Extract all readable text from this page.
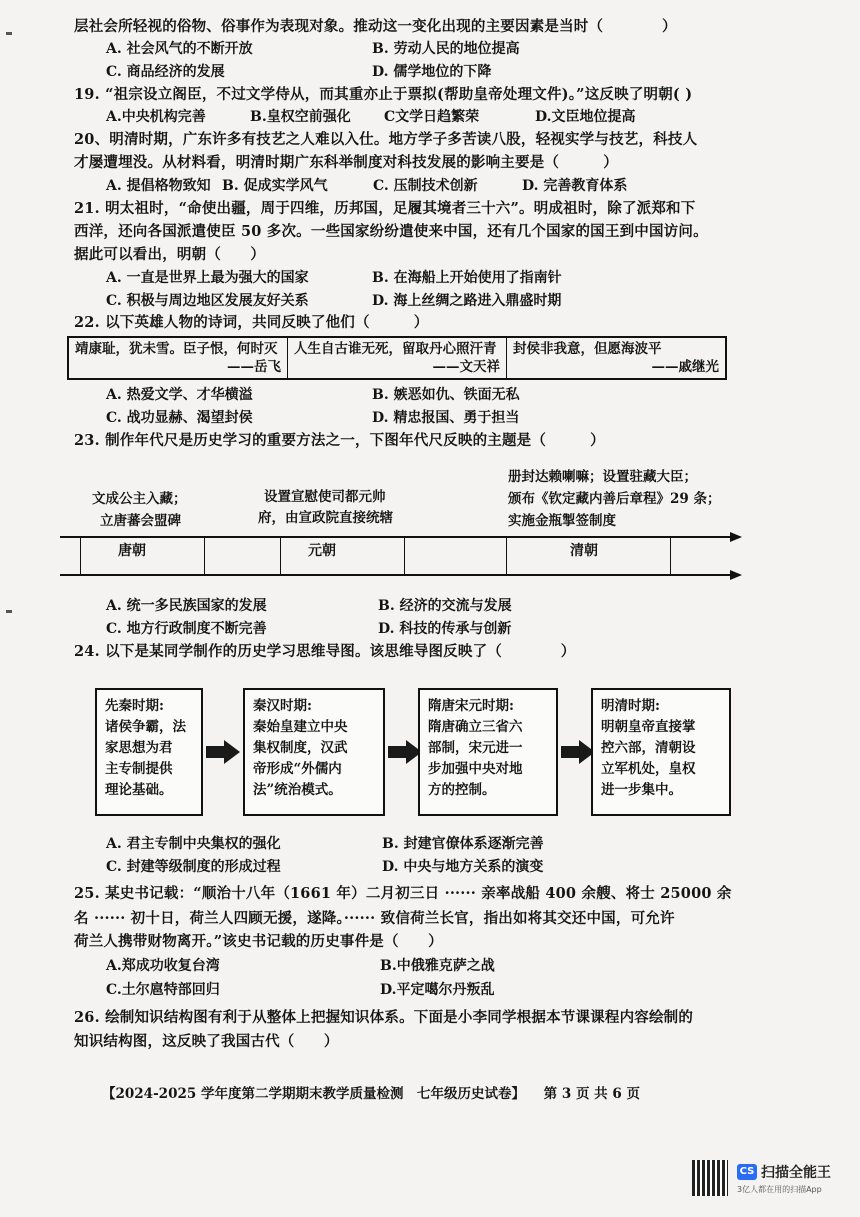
层社会所轻视的俗物、俗事作为表现对象。推动这一变化出现的主要因素是当时（　　　　）
A. 社会风气的不断开放	B. 劳动人民的地位提高
C. 商品经济的发展	D. 儒学地位的下降
19. “祖宗设立阁臣，不过文学侍从，而其重亦止于票拟(帮助皇帝处理文件)。”这反映了明朝( )
A.中央机构完善	B.皇权空前强化 C文学日趋繁荣	D.文臣地位提高
20、明清时期，广东许多有技艺之人难以入仕。地方学子多苦读八股，轻视实学与技艺，科技人
才屡遭埋没。从材料看，明清时期广东科举制度对科技发展的影响主要是（　　　）
A. 提倡格物致知 B. 促成实学风气	C. 压制技术创新	D. 完善教育体系
21. 明太祖时，“命使出疆，周于四维，历邦国，足履其境者三十六”。明成祖时，除了派郑和下
西洋，还向各国派遣使臣 50 多次。一些国家纷纷遣使来中国，还有几个国家的国王到中国访问。
据此可以看出，明朝（　　）
A. 一直是世界上最为强大的国家	B. 在海船上开始使用了指南针
C. 积极与周边地区发展友好关系	D. 海上丝绸之路进入鼎盛时期
22. 以下英雄人物的诗词，共同反映了他们（　　　）
靖康耻，犹未雪。臣子恨，何时灭
——岳飞
人生自古谁无死，留取丹心照汗青
——文天祥
封侯非我意，但愿海波平
——戚继光
A. 热爱文学、才华横溢	B. 嫉恶如仇、铁面无私
C. 战功显赫、渴望封侯	D. 精忠报国、勇于担当
23. 制作年代尺是历史学习的重要方法之一，下图年代尺反映的主题是（　　　）
册封达赖喇嘛；设置驻藏大臣；
文成公主入藏；	设置宣慰使司都元帅	颁布《钦定藏内善后章程》29 条；
立唐蕃会盟碑	府，由宣政院直接统辖	实施金瓶掣签制度
唐朝	元朝	清朝
A. 统一多民族国家的发展	B. 经济的交流与发展
C. 地方行政制度不断完善	D. 科技的传承与创新
24. 以下是某同学制作的历史学习思维导图。该思维导图反映了（　　　　）
先秦时期:
诸侯争霸，法
家思想为君
主专制提供
理论基础。
秦汉时期:
秦始皇建立中央
集权制度，汉武
帝形成“外儒内
法”统治模式。
隋唐宋元时期:
隋唐确立三省六
部制，宋元进一
步加强中央对地
方的控制。
明清时期:
明朝皇帝直接掌
控六部，清朝设
立军机处，皇权
进一步集中。
A. 君主专制中央集权的强化	B. 封建官僚体系逐渐完善
C. 封建等级制度的形成过程	D. 中央与地方关系的演变
25. 某史书记载：“顺治十八年（1661 年）二月初三日 ······ 亲率战船 400 余艘、将士 25000 余
名 ······ 初十日，荷兰人四顾无援，遂降。······ 致信荷兰长官，指出如将其交还中国，可允许
荷兰人携带财物离开。”该史书记载的历史事件是（　　）
A.郑成功收复台湾	B.中俄雅克萨之战
C.土尔扈特部回归	D.平定噶尔丹叛乱
26. 绘制知识结构图有利于从整体上把握知识体系。下面是小李同学根据本节课课程内容绘制的
知识结构图，这反映了我国古代（　　）
【2024-2025 学年度第二学期期末教学质量检测　七年级历史试卷】 第 3 页 共 6 页
CS 扫描全能王
3亿人都在用的扫描App
